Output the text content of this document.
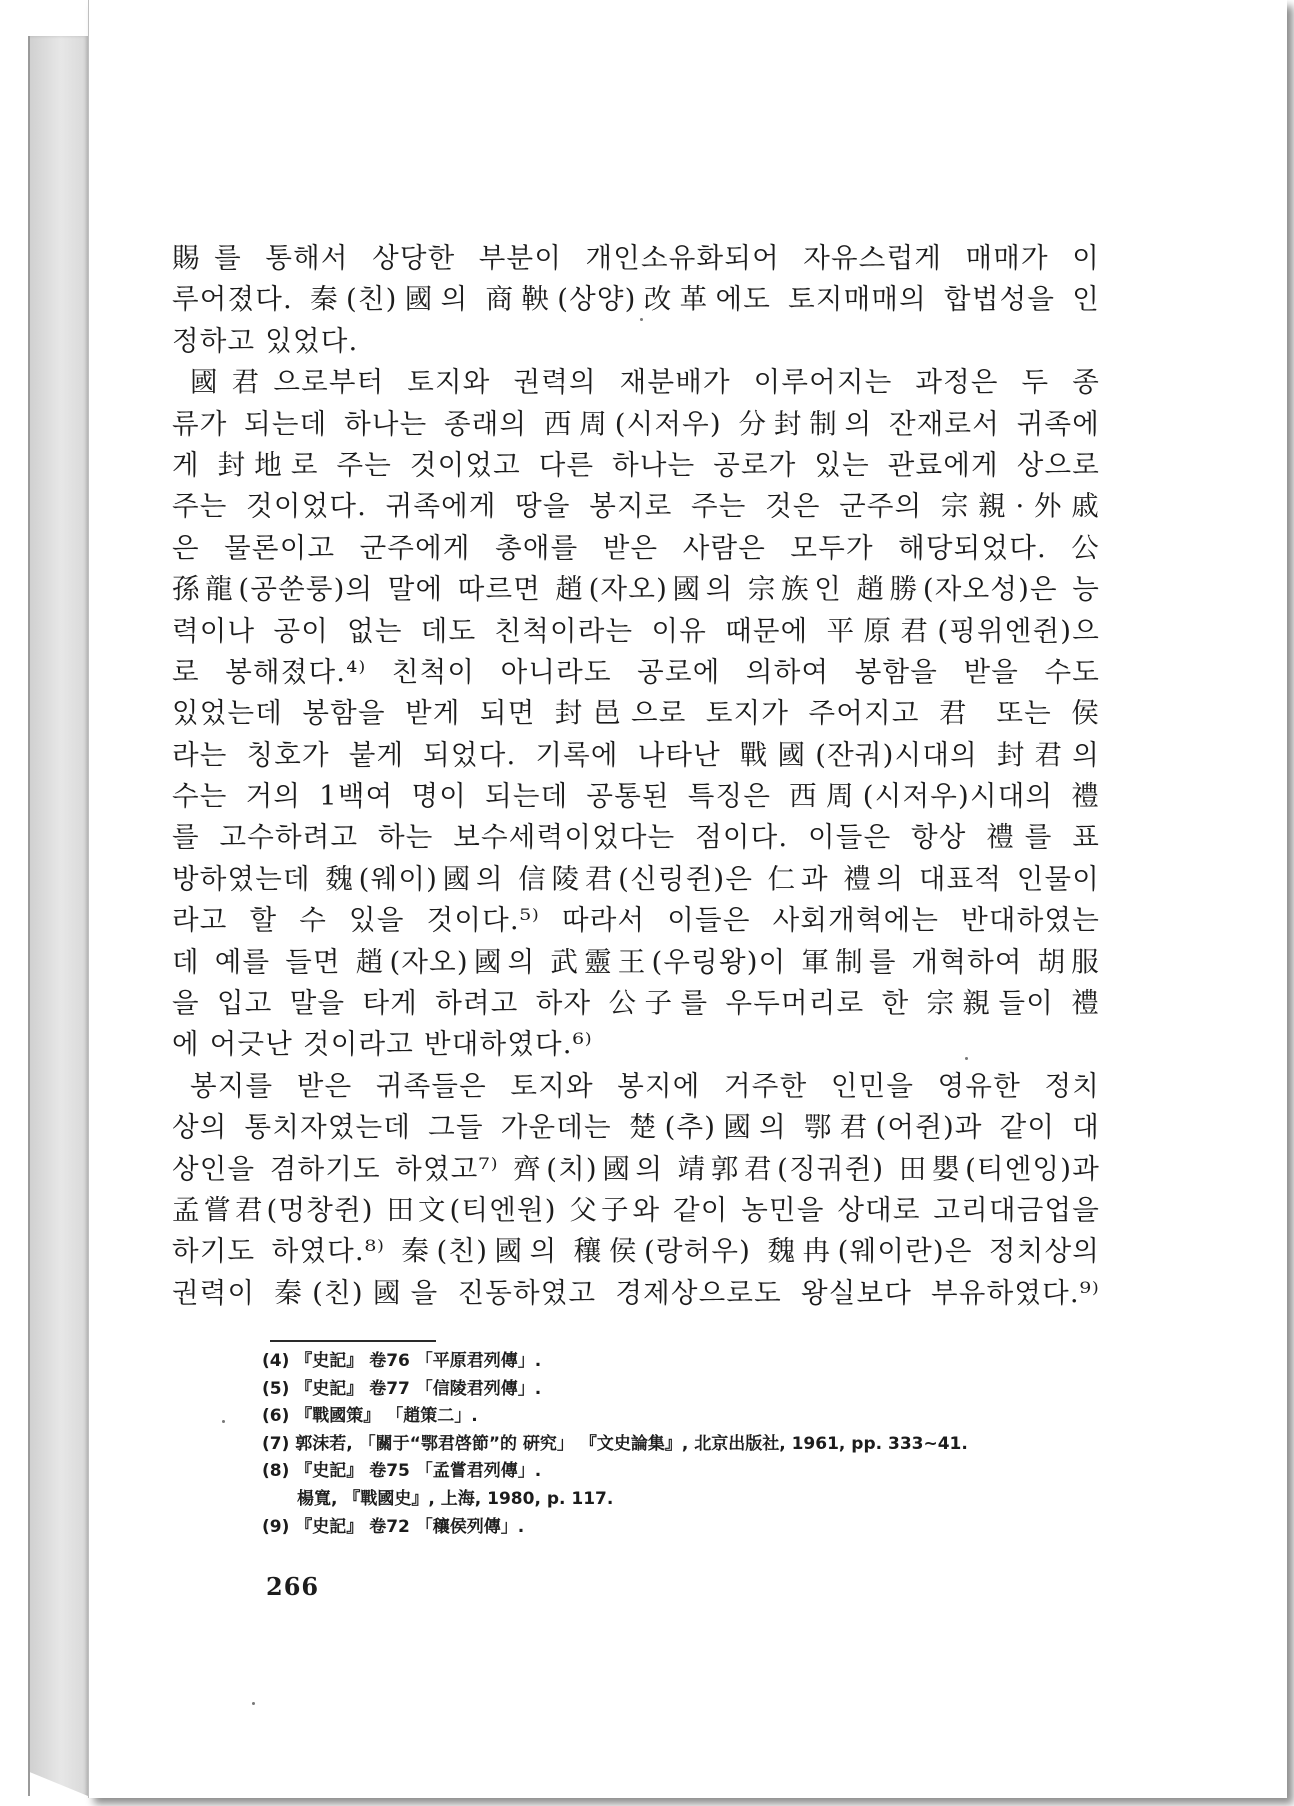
賜를 통해서 상당한 부분이 개인소유화되어 자유스럽게 매매가 이
루어졌다. 秦(친)國의 商鞅(상양)改革에도 토지매매의 합법성을 인
정하고 있었다.
國君으로부터 토지와 권력의 재분배가 이루어지는 과정은 두 종
류가 되는데 하나는 종래의 西周(시저우) 分封制의 잔재로서 귀족에
게 封地로 주는 것이었고 다른 하나는 공로가 있는 관료에게 상으로
주는 것이었다. 귀족에게 땅을 봉지로 주는 것은 군주의 宗親·外戚
은 물론이고 군주에게 총애를 받은 사람은 모두가 해당되었다. 公
孫龍(공쑨룽)의 말에 따르면 趙(자오)國의 宗族인 趙勝(자오성)은 능
력이나 공이 없는 데도 친척이라는 이유 때문에 平原君(핑위엔쥔)으
로 봉해졌다.⁴⁾ 친척이 아니라도 공로에 의하여 봉함을 받을 수도
있었는데 봉함을 받게 되면 封邑으로 토지가 주어지고 君 또는 侯
라는 칭호가 붙게 되었다. 기록에 나타난 戰國(잔궈)시대의 封君의
수는 거의 1백여 명이 되는데 공통된 특징은 西周(시저우)시대의 禮
를 고수하려고 하는 보수세력이었다는 점이다. 이들은 항상 禮를 표
방하였는데 魏(웨이)國의 信陵君(신링쥔)은 仁과 禮의 대표적 인물이
라고 할 수 있을 것이다.⁵⁾ 따라서 이들은 사회개혁에는 반대하였는
데 예를 들면 趙(자오)國의 武靈王(우링왕)이 軍制를 개혁하여 胡服
을 입고 말을 타게 하려고 하자 公子를 우두머리로 한 宗親들이 禮
에 어긋난 것이라고 반대하였다.⁶⁾
봉지를 받은 귀족들은 토지와 봉지에 거주한 인민을 영유한 정치
상의 통치자였는데 그들 가운데는 楚(추)國의 鄂君(어쥔)과 같이 대
상인을 겸하기도 하였고⁷⁾ 齊(치)國의 靖郭君(징궈쥔) 田嬰(티엔잉)과
孟嘗君(멍창쥔) 田文(티엔원) 父子와 같이 농민을 상대로 고리대금업을
하기도 하였다.⁸⁾ 秦(친)國의 穰侯(랑허우) 魏冉(웨이란)은 정치상의
권력이 秦(친)國을 진동하였고 경제상으로도 왕실보다 부유하였다.⁹⁾
(4) 『史記』 卷76 「平原君列傳」.
(5) 『史記』 卷77 「信陵君列傳」.
(6) 『戰國策』 「趙策二」.
(7) 郭沫若, 「關于“鄂君啓節”的 硏究」 『文史論集』, 北京出版社, 1961, pp. 333~41.
(8) 『史記』 卷75 「孟嘗君列傳」.
楊寬, 『戰國史』, 上海, 1980, p. 117.
(9) 『史記』 卷72 「穰侯列傳」.
266
